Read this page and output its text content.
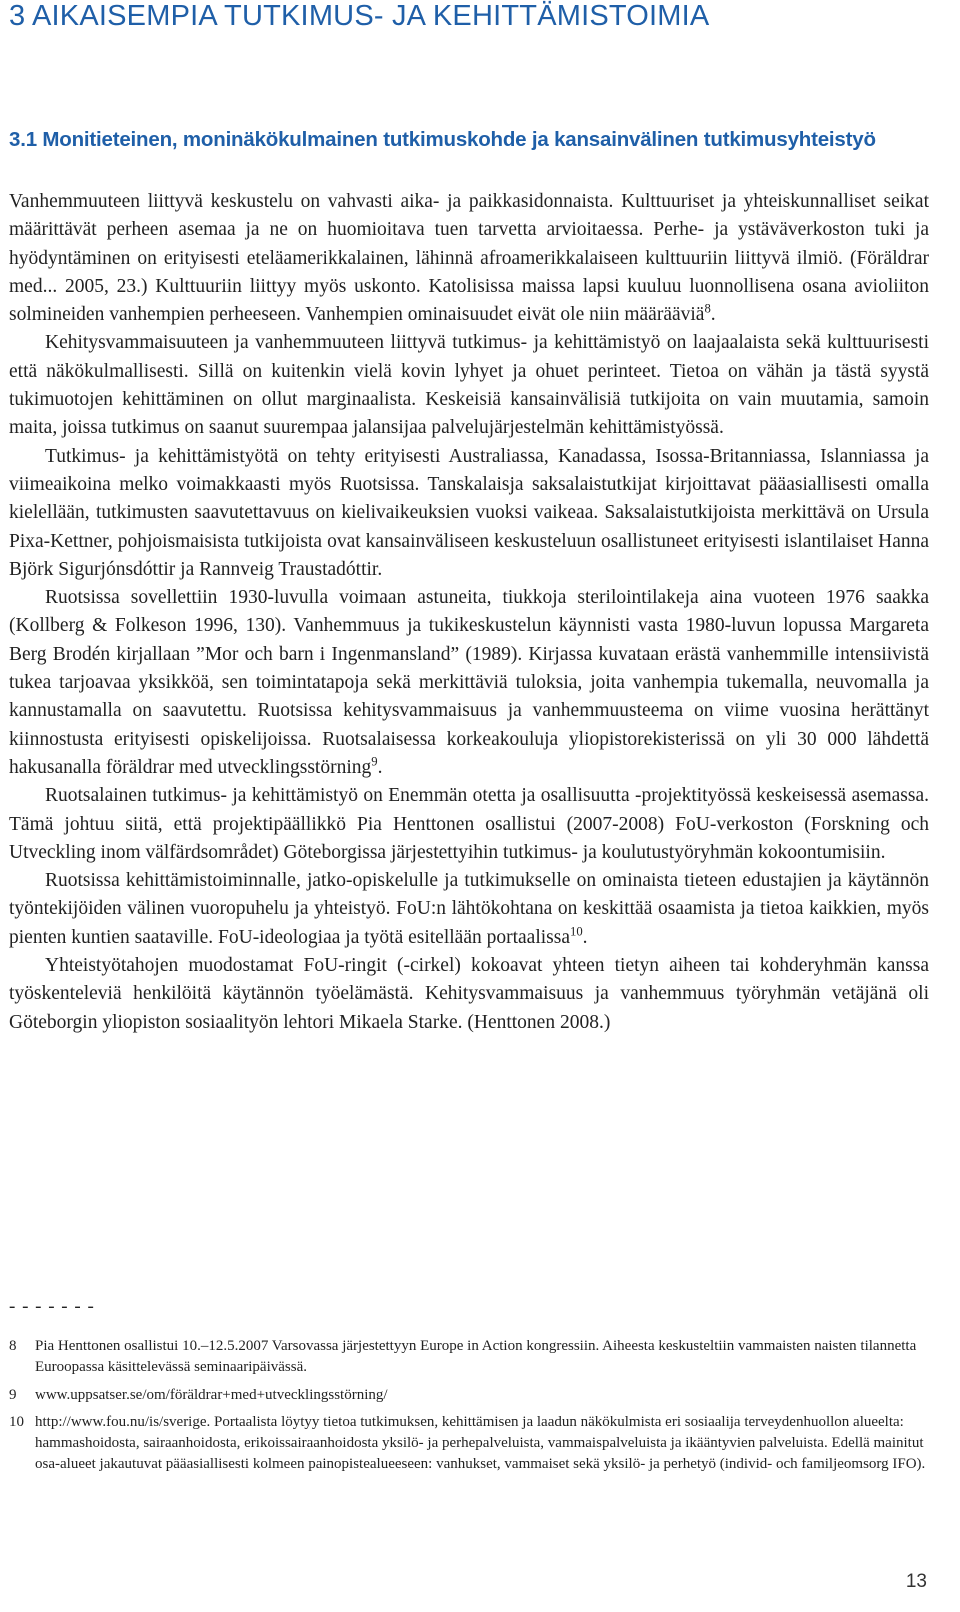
3 AIKAISEMPIA TUTKIMUS- JA KEHITTÄMISTOIMIA
3.1 Monitieteinen, moninäkökulmainen tutkimuskohde ja kansainvälinen tutkimusyhteistyö

Vanhemmuuteen liittyvä keskustelu on vahvasti aika- ja paikkasidonnaista. Kulttuuriset ja yhteiskunnalliset seikat määrittävät perheen asemaa ja ne on huomioitava tuen tarvetta arvioitaessa. Perhe- ja ystäväverkoston tuki ja hyödyntäminen on erityisesti eteläamerikkalainen, lähinnä afroamerikkalaiseen kulttuuriin liittyvä ilmiö. (Föräldrar med... 2005, 23.) Kulttuuriin liittyy myös uskonto. Katolisissa maissa lapsi kuuluu luonnollisena osana avioliiton solmineiden vanhempien perheeseen. Vanhempien ominaisuudet eivät ole niin määrääviä$^8$.

Kehitysvammaisuuteen ja vanhemmuuteen liittyvä tutkimus- ja kehittämistyö on laajaalaista sekä kulttuurisesti että näkökulmallisesti. Sillä on kuitenkin vielä kovin lyhyet ja ohuet perinteet. Tietoa on vähän ja tästä syystä tukimuotojen kehittäminen on ollut marginaalista. Keskeisiä kansainvälisiä tutkijoita on vain muutamia, samoin maita, joissa tutkimus on saanut suurempaa jalansijaa palvelujärjestelmän kehittämistyössä.

Tutkimus- ja kehittämistyötä on tehty erityisesti Australiassa, Kanadassa, Isossa-Britanniassa, Islanniassa ja viimeaikoina melko voimakkaasti myös Ruotsissa. Tanskalaisja saksalaistutkijat kirjoittavat pääasiallisesti omalla kielellään, tutkimusten saavutettavuus on kielivaikeuksien vuoksi vaikeaa. Saksalaistutkijoista merkittävä on Ursula Pixa-Kettner, pohjoismaisista tutkijoista ovat kansainväliseen keskusteluun osallistuneet erityisesti islantilaiset Hanna Björk Sigurjónsdóttir ja Rannveig Traustadóttir.

Ruotsissa sovellettiin 1930-luvulla voimaan astuneita, tiukkoja sterilointilakeja aina vuoteen 1976 saakka (Kollberg & Folkeson 1996, 130). Vanhemmuus ja tukikeskustelun käynnisti vasta 1980-luvun lopussa Margareta Berg Brodén kirjallaan ”Mor och barn i Ingenmansland” (1989). Kirjassa kuvataan erästä vanhemmille intensiivistä tukea tarjoavaa yksikköä, sen toimintatapoja sekä merkittäviä tuloksia, joita vanhempia tukemalla, neuvomalla ja kannustamalla on saavutettu. Ruotsissa kehitysvammaisuus ja vanhemmuusteema on viime vuosina herättänyt kiinnostusta erityisesti opiskelijoissa. Ruotsalaisessa korkeakouluja yliopistorekisterissä on yli 30 000 lähdettä hakusanalla föräldrar med utvecklingsstörning$^9$.

Ruotsalainen tutkimus- ja kehittämistyö on Enemmän otetta ja osallisuutta -projektityössä keskeisessä asemassa. Tämä johtuu siitä, että projektipäällikkö Pia Henttonen osallistui (2007-2008) FoU-verkoston (Forskning och Utveckling inom välfärdsområdet) Göteborgissa järjestettyihin tutkimus- ja koulutustyöryhmän kokoontumisiin.

Ruotsissa kehittämistoiminnalle, jatko-opiskelulle ja tutkimukselle on ominaista tieteen edustajien ja käytännön työntekijöiden välinen vuoropuhelu ja yhteistyö. FoU:n lähtökohtana on keskittää osaamista ja tietoa kaikkien, myös pienten kuntien saataville. FoU-ideologiaa ja työtä esitellään portaalissa$^{10}$.

Yhteistyötahojen muodostamat FoU-ringit (-cirkel) kokoavat yhteen tietyn aiheen tai kohderyhmän kanssa työskenteleviä henkilöitä käytännön työelämästä. Kehitysvammaisuus ja vanhemmuus työryhmän vetäjänä oli Göteborgin yliopiston sosiaalityön lehtori Mikaela Starke. (Henttonen 2008.)

- - - - - - -
8	Pia Henttonen osallistui 10.–12.5.2007 Varsovassa järjestettyyn Europe in Action kongressiin. Aiheesta keskusteltiin vammaisten naisten tilannetta Euroopassa käsittelevässä seminaaripäivässä.
9	www.uppsatser.se/om/föräldrar+med+utvecklingsstörning/
10 http://www.fou.nu/is/sverige. Portaalista löytyy tietoa tutkimuksen, kehittämisen ja laadun näkökulmista eri sosiaalija terveydenhuollon alueelta: hammashoidosta, sairaanhoidosta, erikoissairaanhoidosta yksilö- ja perhepalveluista, vammaispalveluista ja ikääntyvien palveluista. Edellä mainitut osa-alueet jakautuvat pääasiallisesti kolmeen painopistealueeseen: vanhukset, vammaiset sekä yksilö- ja perhetyö (individ- och familjeomsorg IFO).
13
